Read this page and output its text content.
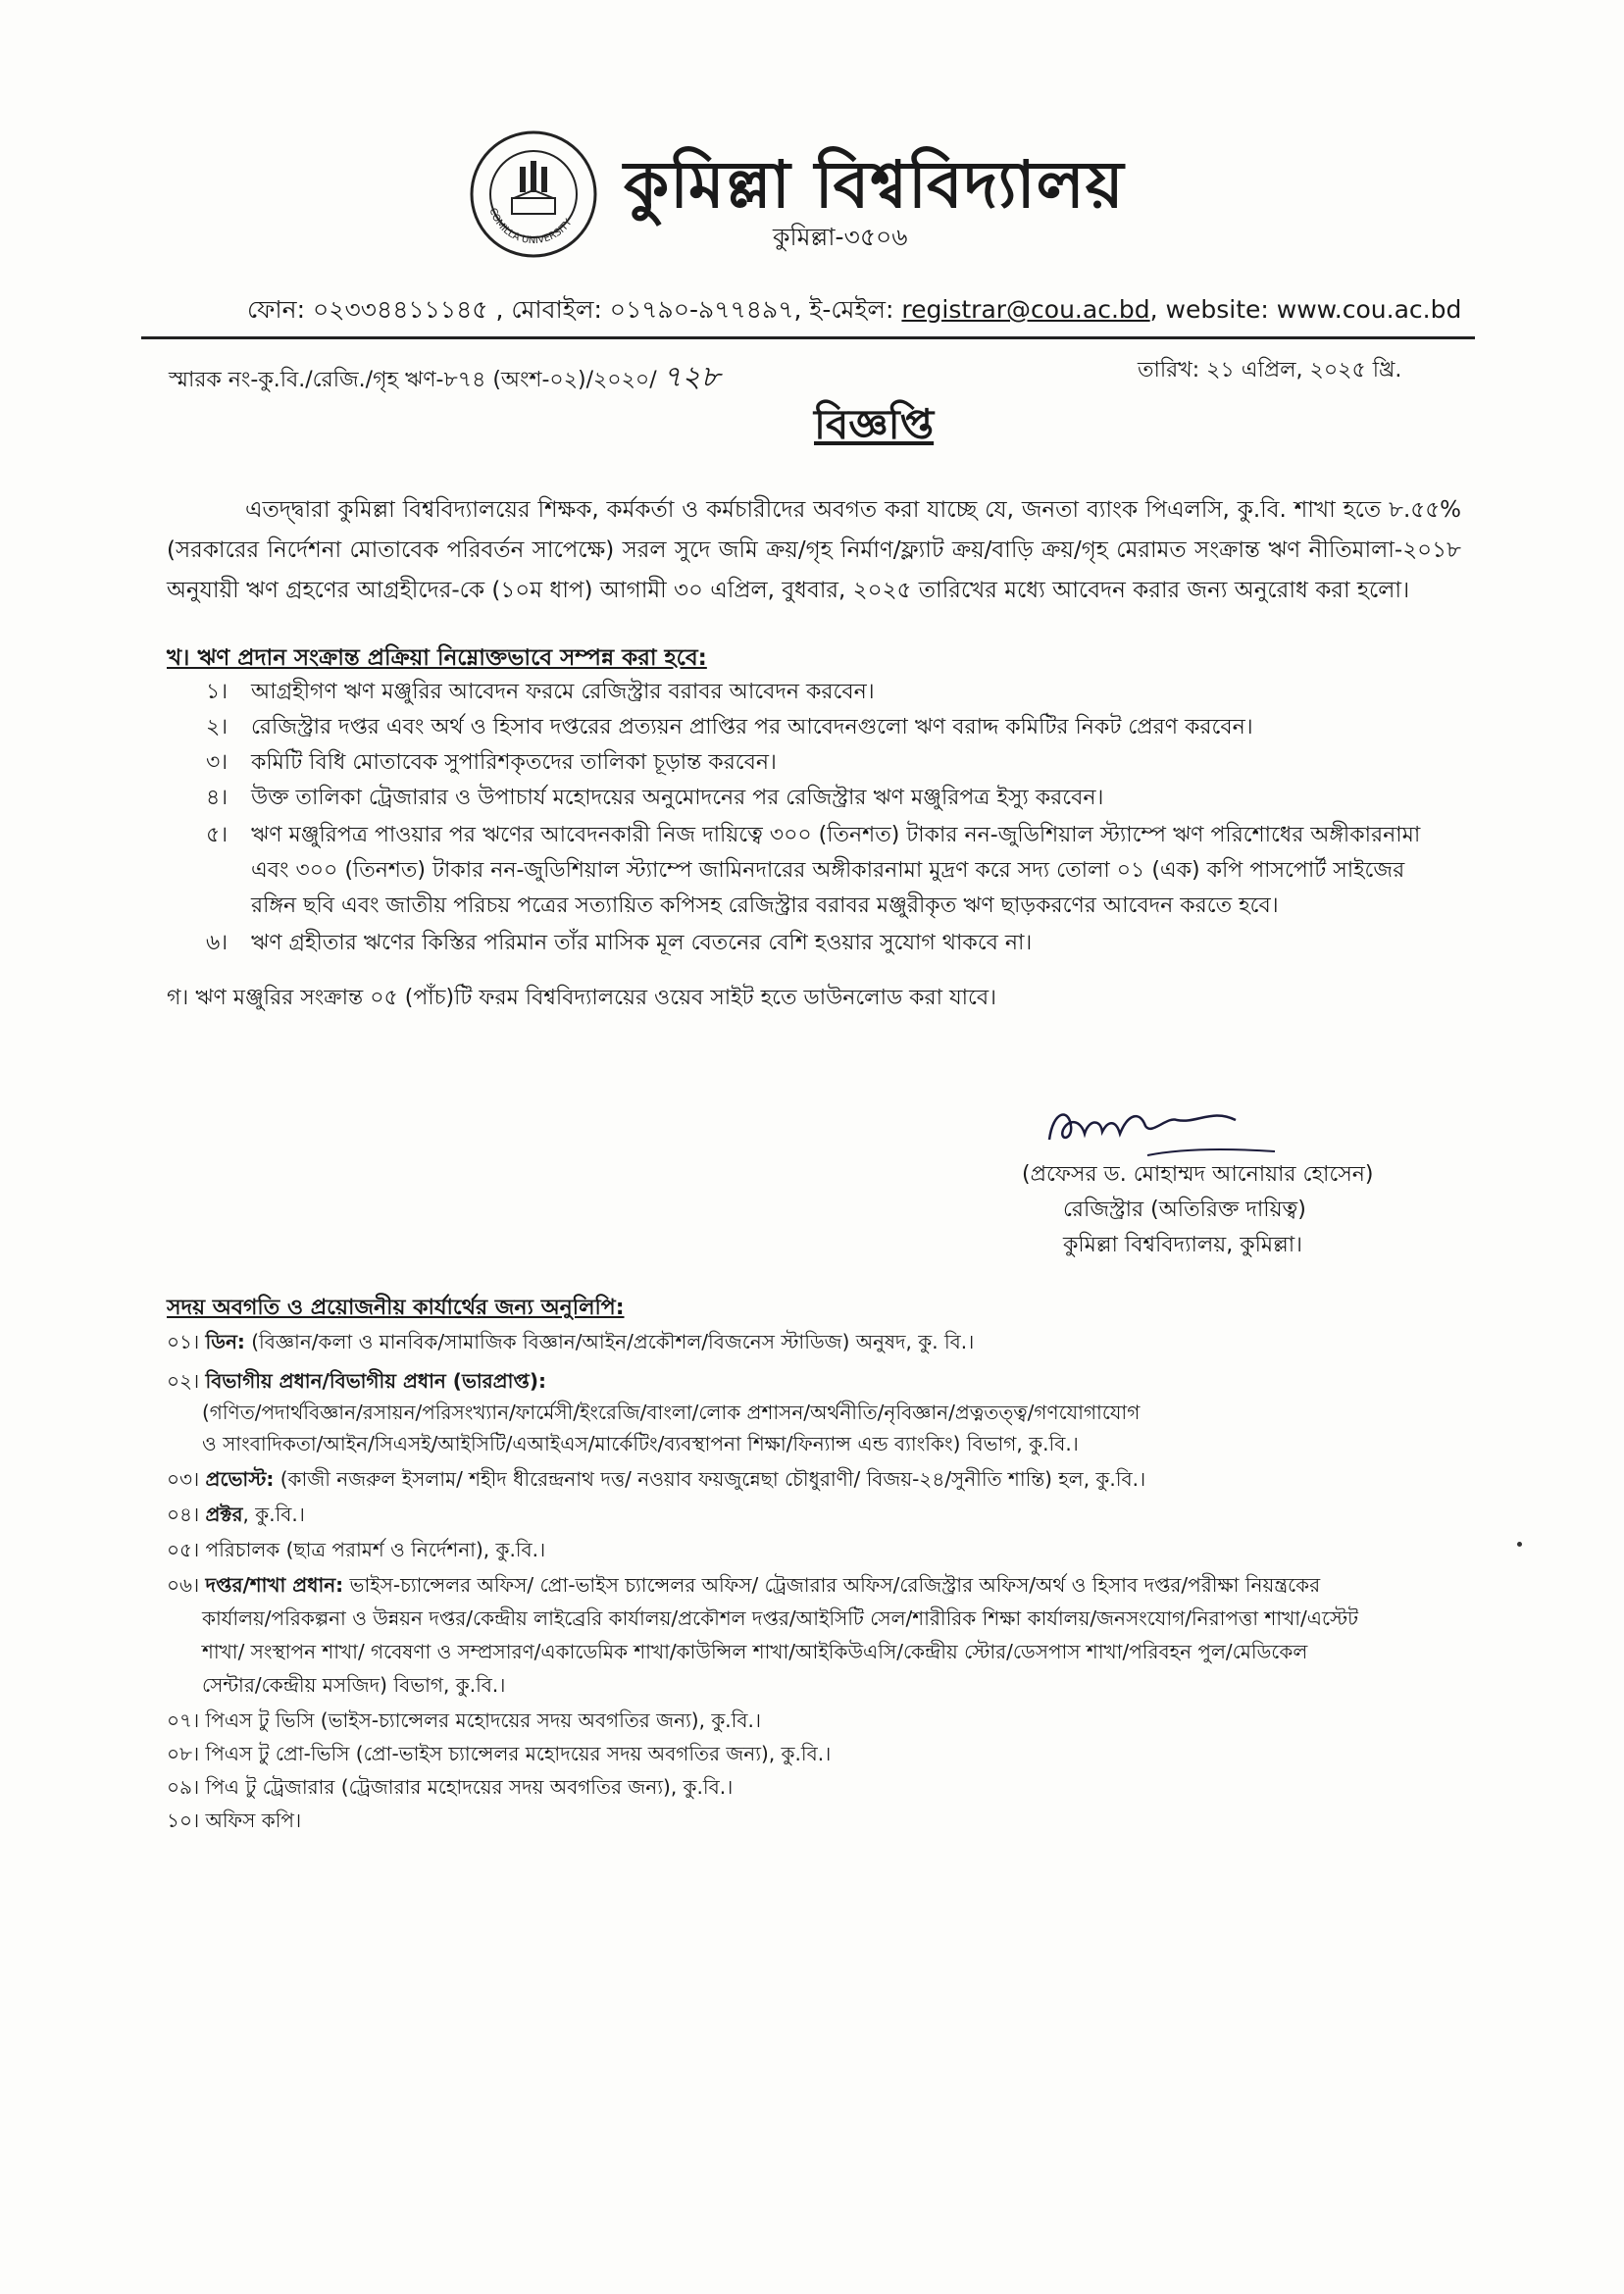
COMILLA UNIVERSITY
কুমিল্লা বিশ্ববিদ্যালয়
কুমিল্লা-৩৫০৬
ফোন: ০২৩৩৪৪১১১৪৫ , মোবাইল: ০১৭৯০-৯৭৭৪৯৭, ই-মেইল: registrar@cou.ac.bd, website: www.cou.ac.bd
স্মারক নং-কু.বি./রেজি./গৃহ ঋণ-৮৭৪ (অংশ-০২)/২০২০/ ৭২৮	তারিখ: ২১ এপ্রিল, ২০২৫ খ্রি.
বিজ্ঞপ্তি
এতদ্দ্বারা কুমিল্লা বিশ্ববিদ্যালয়ের শিক্ষক, কর্মকর্তা ও কর্মচারীদের অবগত করা যাচ্ছে যে, জনতা ব্যাংক পিএলসি, কু.বি. শাখা হতে ৮.৫৫% (সরকারের নির্দেশনা মোতাবেক পরিবর্তন সাপেক্ষে) সরল সুদে জমি ক্রয়/গৃহ নির্মাণ/ফ্ল্যাট ক্রয়/বাড়ি ক্রয়/গৃহ মেরামত সংক্রান্ত ঋণ নীতিমালা-২০১৮ অনুযায়ী ঋণ গ্রহণের আগ্রহীদের-কে (১০ম ধাপ) আগামী ৩০ এপ্রিল, বুধবার, ২০২৫ তারিখের মধ্যে আবেদন করার জন্য অনুরোধ করা হলো।
খ। ঋণ প্রদান সংক্রান্ত প্রক্রিয়া নিম্নোক্তভাবে সম্পন্ন করা হবে:
১। আগ্রহীগণ ঋণ মঞ্জুরির আবেদন ফরমে রেজিস্ট্রার বরাবর আবেদন করবেন।
২। রেজিস্ট্রার দপ্তর এবং অর্থ ও হিসাব দপ্তরের প্রত্যয়ন প্রাপ্তির পর আবেদনগুলো ঋণ বরাদ্দ কমিটির নিকট প্রেরণ করবেন।
৩। কমিটি বিধি মোতাবেক সুপারিশকৃতদের তালিকা চূড়ান্ত করবেন।
৪। উক্ত তালিকা ট্রেজারার ও উপাচার্য মহোদয়ের অনুমোদনের পর রেজিস্ট্রার ঋণ মঞ্জুরিপত্র ইস্যু করবেন।
৫। ঋণ মঞ্জুরিপত্র পাওয়ার পর ঋণের আবেদনকারী নিজ দায়িত্বে ৩০০ (তিনশত) টাকার নন-জুডিশিয়াল স্ট্যাম্পে ঋণ পরিশোধের অঙ্গীকারনামা
এবং ৩০০ (তিনশত) টাকার নন-জুডিশিয়াল স্ট্যাম্পে জামিনদারের অঙ্গীকারনামা মুদ্রণ করে সদ্য তোলা ০১ (এক) কপি পাসপোর্ট সাইজের
রঙ্গিন ছবি এবং জাতীয় পরিচয় পত্রের সত্যায়িত কপিসহ রেজিস্ট্রার বরাবর মঞ্জুরীকৃত ঋণ ছাড়করণের আবেদন করতে হবে।
৬। ঋণ গ্রহীতার ঋণের কিস্তির পরিমান তাঁর মাসিক মূল বেতনের বেশি হওয়ার সুযোগ থাকবে না।
গ। ঋণ মঞ্জুরির সংক্রান্ত ০৫ (পাঁচ)টি ফরম বিশ্ববিদ্যালয়ের ওয়েব সাইট হতে ডাউনলোড করা যাবে।
(প্রফেসর ড. মোহাম্মদ আনোয়ার হোসেন)
রেজিস্ট্রার (অতিরিক্ত দায়িত্ব)
কুমিল্লা বিশ্ববিদ্যালয়, কুমিল্লা।
সদয় অবগতি ও প্রয়োজনীয় কার্যার্থের জন্য অনুলিপি:
০১। ডিন: (বিজ্ঞান/কলা ও মানবিক/সামাজিক বিজ্ঞান/আইন/প্রকৌশল/বিজনেস স্টাডিজ) অনুষদ, কু. বি.।
০২। বিভাগীয় প্রধান/বিভাগীয় প্রধান (ভারপ্রাপ্ত):
(গণিত/পদার্থবিজ্ঞান/রসায়ন/পরিসংখ্যান/ফার্মেসী/ইংরেজি/বাংলা/লোক প্রশাসন/অর্থনীতি/নৃবিজ্ঞান/প্রত্নতত্ত্ব/গণযোগাযোগ
ও সাংবাদিকতা/আইন/সিএসই/আইসিটি/এআইএস/মার্কেটিং/ব্যবস্থাপনা শিক্ষা/ফিন্যান্স এন্ড ব্যাংকিং) বিভাগ, কু.বি.।
০৩। প্রভোস্ট: (কাজী নজরুল ইসলাম/ শহীদ ধীরেন্দ্রনাথ দত্ত/ নওয়াব ফয়জুন্নেছা চৌধুরাণী/ বিজয়-২৪/সুনীতি শান্তি) হল, কু.বি.।
০৪। প্রক্টর, কু.বি.।
০৫। পরিচালক (ছাত্র পরামর্শ ও নির্দেশনা), কু.বি.।
০৬। দপ্তর/শাখা প্রধান: ভাইস-চ্যান্সেলর অফিস/ প্রো-ভাইস চ্যান্সেলর অফিস/ ট্রেজারার অফিস/রেজিস্ট্রার অফিস/অর্থ ও হিসাব দপ্তর/পরীক্ষা নিয়ন্ত্রকের
কার্যালয়/পরিকল্পনা ও উন্নয়ন দপ্তর/কেন্দ্রীয় লাইব্রেরি কার্যালয়/প্রকৌশল দপ্তর/আইসিটি সেল/শারীরিক শিক্ষা কার্যালয়/জনসংযোগ/নিরাপত্তা শাখা/এস্টেট
শাখা/ সংস্থাপন শাখা/ গবেষণা ও সম্প্রসারণ/একাডেমিক শাখা/কাউন্সিল শাখা/আইকিউএসি/কেন্দ্রীয় স্টোর/ডেসপাস শাখা/পরিবহন পুল/মেডিকেল
সেন্টার/কেন্দ্রীয় মসজিদ) বিভাগ, কু.বি.।
০৭। পিএস টু ভিসি (ভাইস-চ্যান্সেলর মহোদয়ের সদয় অবগতির জন্য), কু.বি.।
০৮। পিএস টু প্রো-ভিসি (প্রো-ভাইস চ্যান্সেলর মহোদয়ের সদয় অবগতির জন্য), কু.বি.।
০৯। পিএ টু ট্রেজারার (ট্রেজারার মহোদয়ের সদয় অবগতির জন্য), কু.বি.।
১০। অফিস কপি।
